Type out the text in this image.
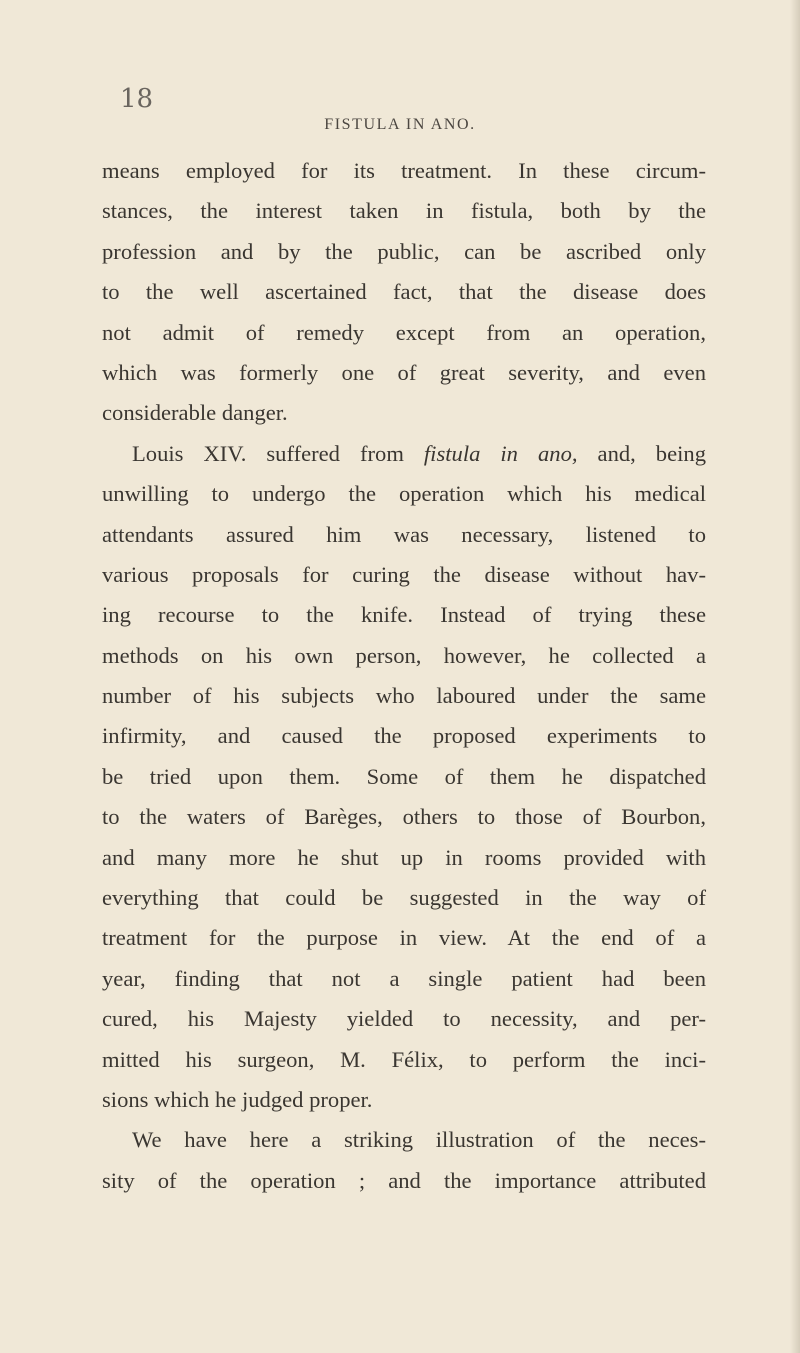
18
FISTULA IN ANO.
means employed for its treatment. In these circum-
stances, the interest taken in fistula, both by the
profession and by the public, can be ascribed only
to the well ascertained fact, that the disease does
not admit of remedy except from an operation,
which was formerly one of great severity, and even
considerable danger.
Louis XIV. suffered from fistula in ano, and, being
unwilling to undergo the operation which his medical
attendants assured him was necessary, listened to
various proposals for curing the disease without hav-
ing recourse to the knife. Instead of trying these
methods on his own person, however, he collected a
number of his subjects who laboured under the same
infirmity, and caused the proposed experiments to
be tried upon them. Some of them he dispatched
to the waters of Barèges, others to those of Bourbon,
and many more he shut up in rooms provided with
everything that could be suggested in the way of
treatment for the purpose in view. At the end of a
year, finding that not a single patient had been
cured, his Majesty yielded to necessity, and per-
mitted his surgeon, M. Félix, to perform the inci-
sions which he judged proper.
We have here a striking illustration of the neces-
sity of the operation ; and the importance attributed
